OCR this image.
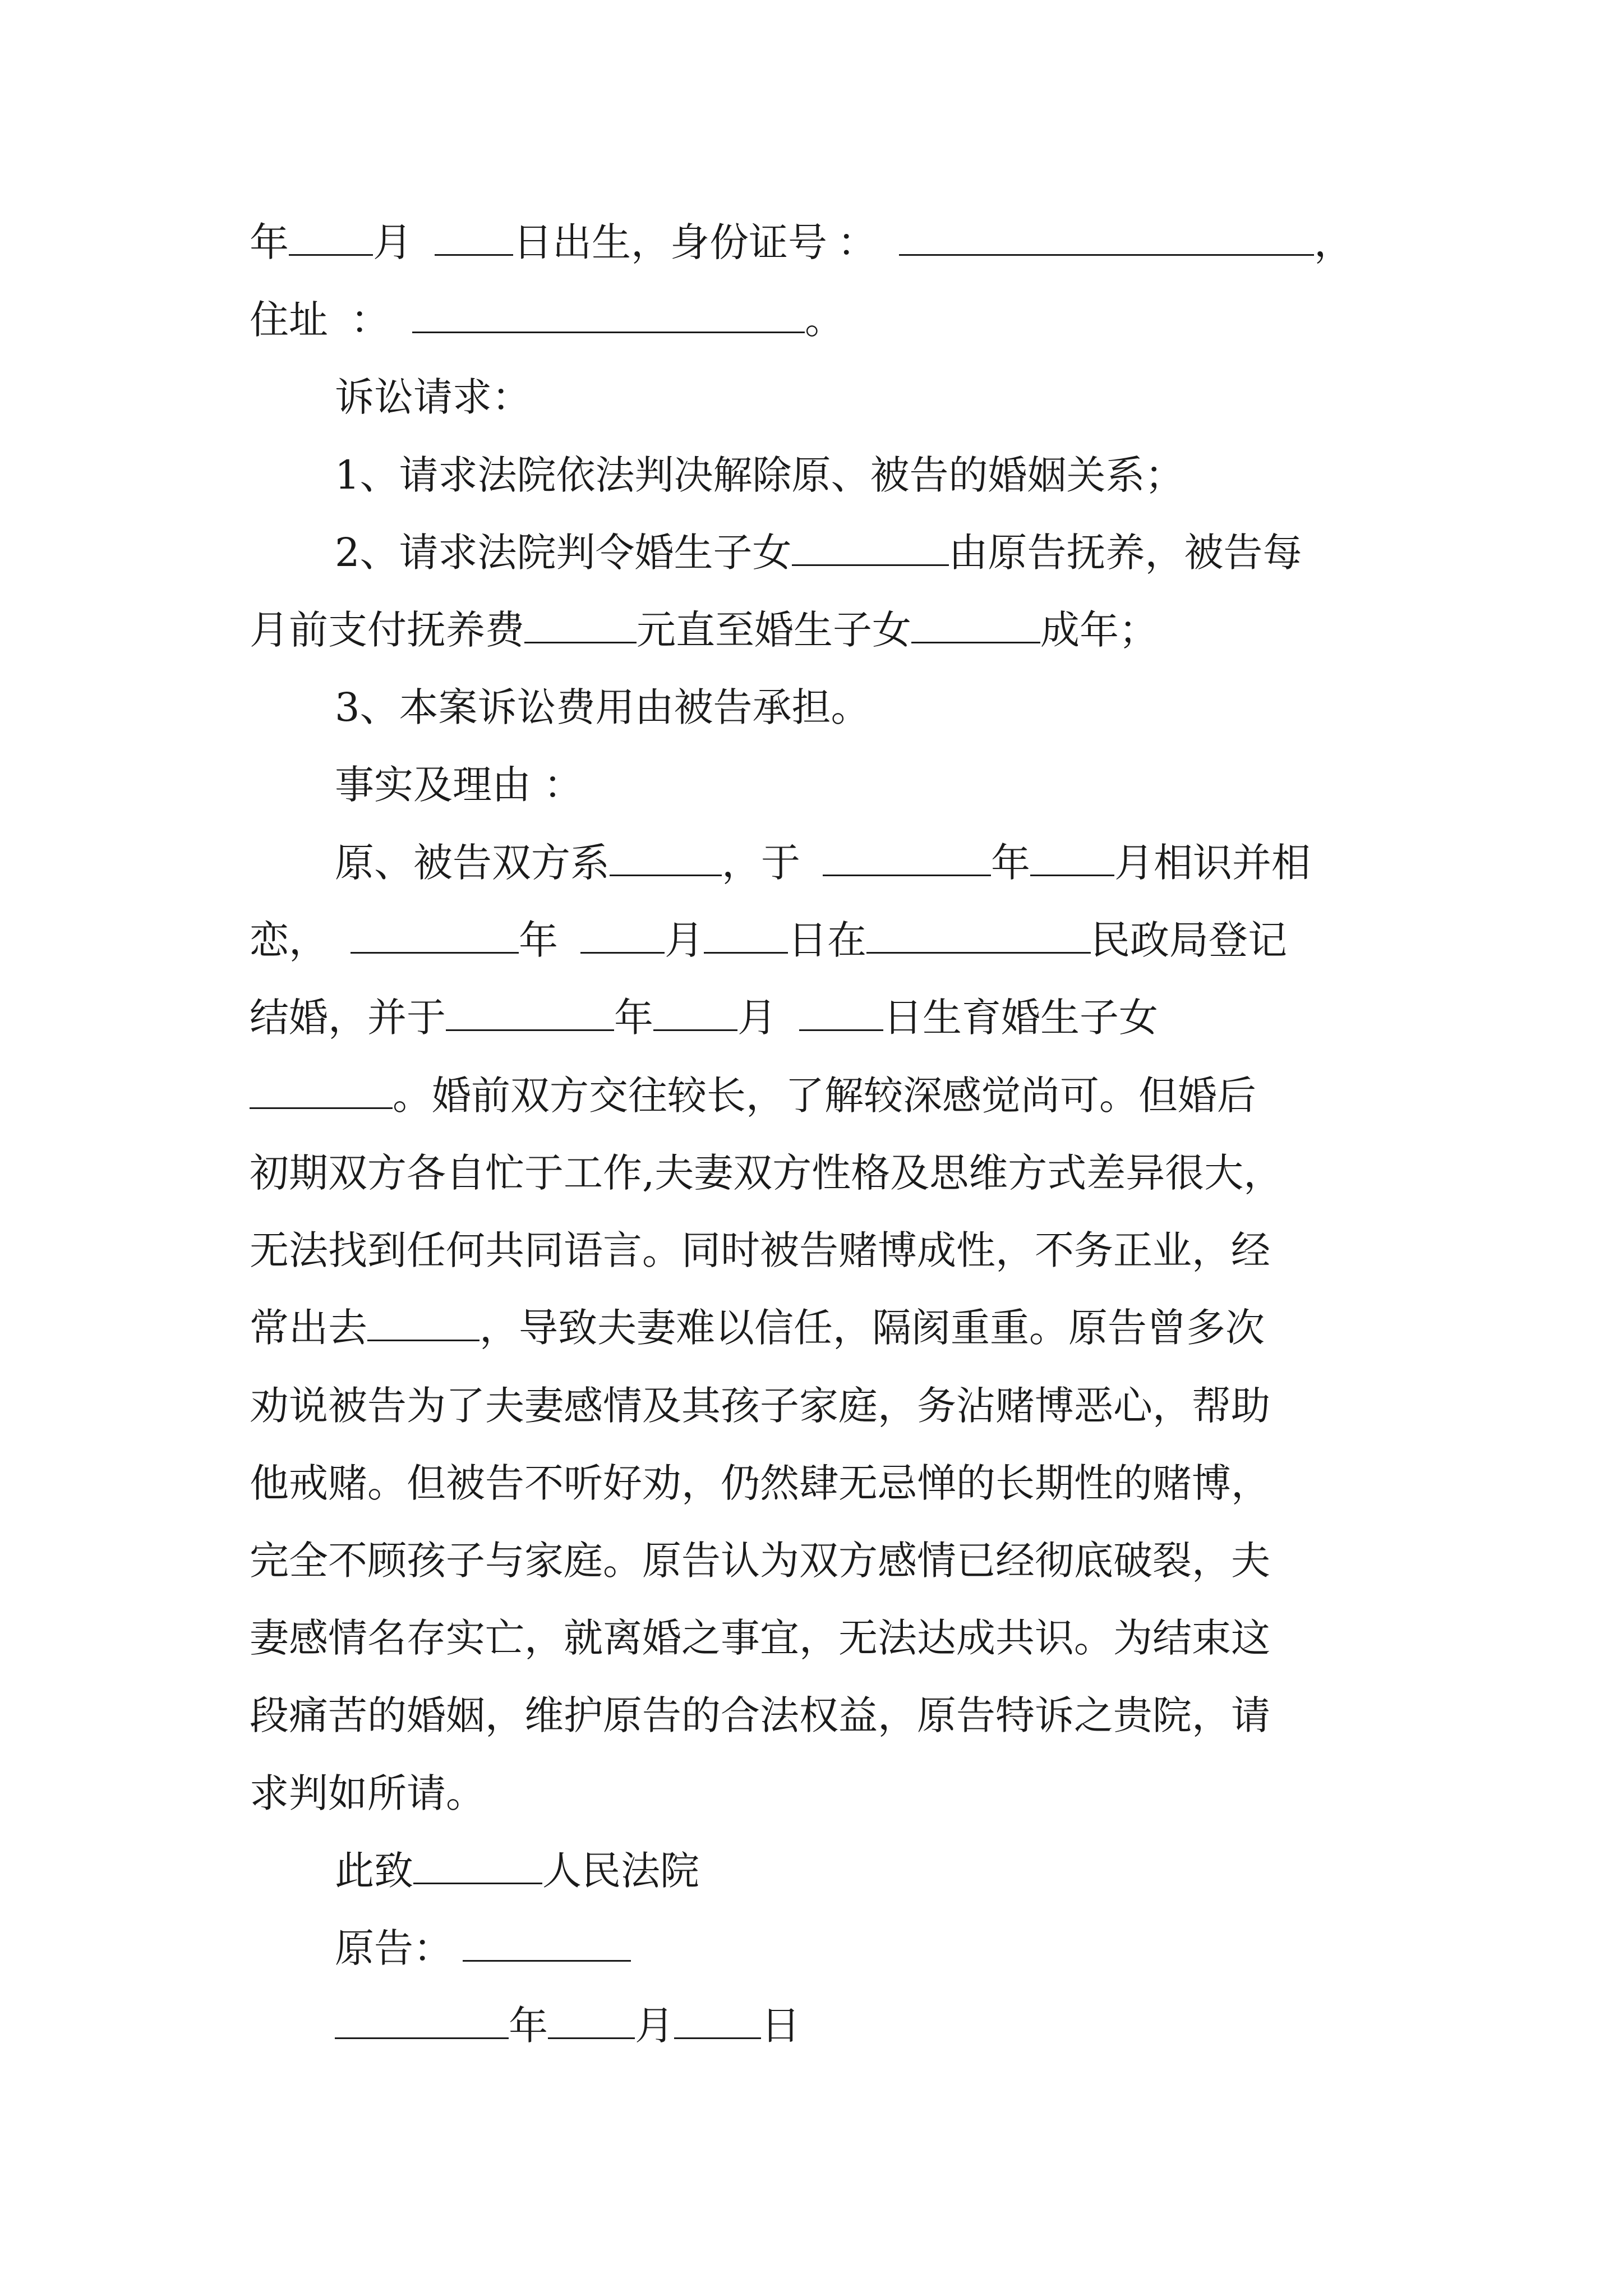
年 月	日出生，身份证号 ：	，
住址 ：	。
诉讼请求：
1、请求法院依法判决解除原、被告的婚姻关系；
2、请求法院判令婚生子女	由原告抚养，被告每
月前支付抚养费	元直至婚生子女	成年；
3、本案诉讼费用由被告承担。
事实及理由 ：
原、被告双方系	，于	年 月相识并相
恋，	年	月 日在	民政局登记
结婚，并于	年 月	日生育婚生子女
。婚前双方交往较长，了解较深感觉尚可。但婚后
初期双方各自忙于工作,夫妻双方性格及思维方式差异很大，
无法找到任何共同语言。同时被告赌博成性，不务正业，经
常出去	，导致夫妻难以信任，隔阂重重。原告曾多次
劝说被告为了夫妻感情及其孩子家庭，务沾赌博恶心，帮助
他戒赌。但被告不听好劝，仍然肆无忌惮的长期性的赌博，
完全不顾孩子与家庭。原告认为双方感情已经彻底破裂，夫
妻感情名存实亡，就离婚之事宜，无法达成共识。为结束这
段痛苦的婚姻，维护原告的合法权益，原告特诉之贵院，请
求判如所请。
此致	人民法院
原告：
年 月 日
